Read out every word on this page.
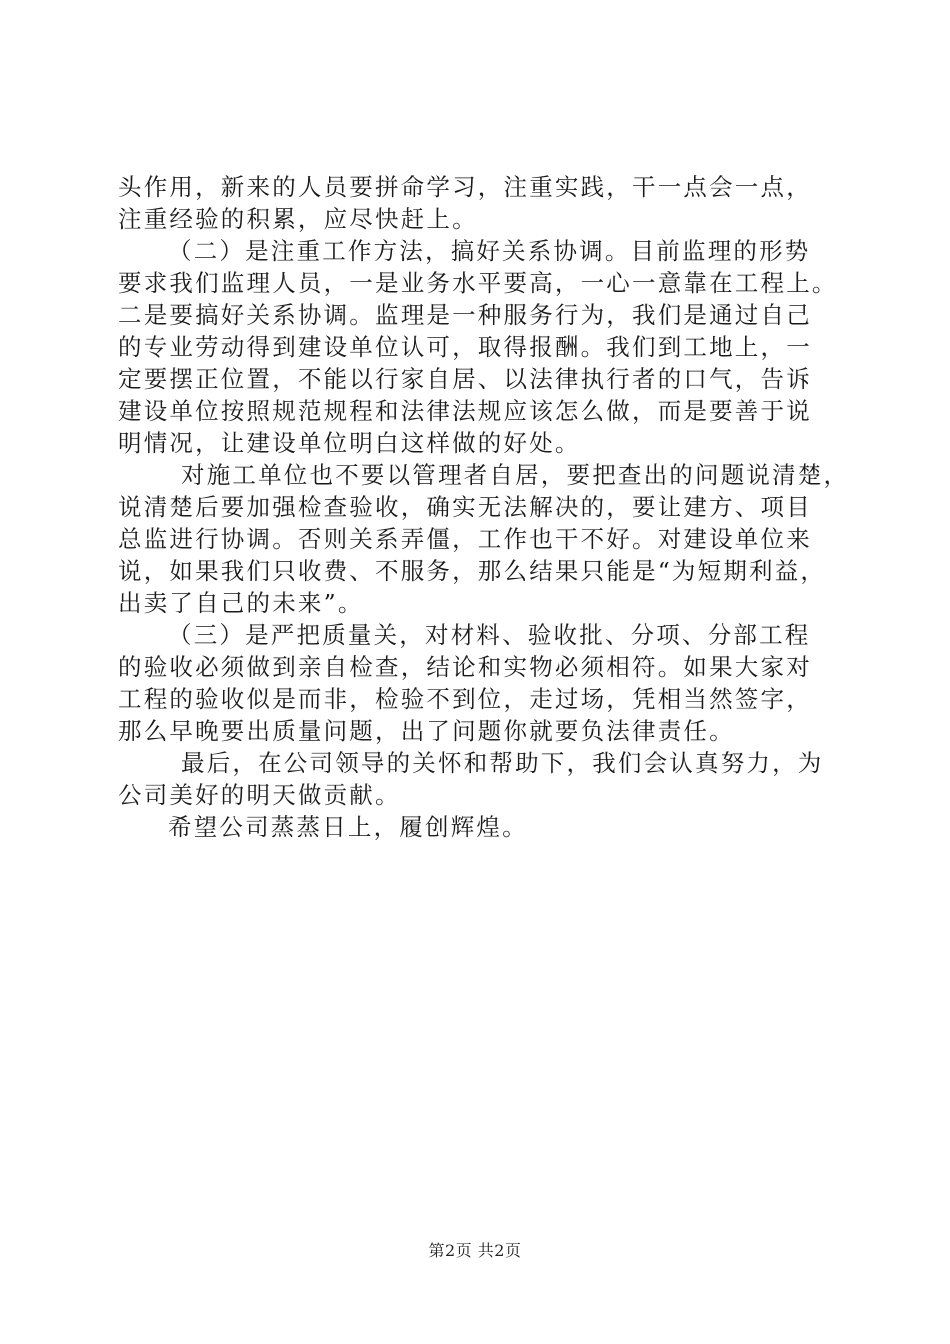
头作用，新来的人员要拼命学习，注重实践，干一点会一点，
注重经验的积累，应尽快赶上。
（二）是注重工作方法，搞好关系协调。目前监理的形势
要求我们监理人员，一是业务水平要高，一心一意靠在工程上。
二是要搞好关系协调。监理是一种服务行为，我们是通过自己
的专业劳动得到建设单位认可，取得报酬。我们到工地上，一
定要摆正位置，不能以行家自居、以法律执行者的口气，告诉
建设单位按照规范规程和法律法规应该怎么做，而是要善于说
明情况，让建设单位明白这样做的好处。
对施工单位也不要以管理者自居，要把查出的问题说清楚，
说清楚后要加强检查验收，确实无法解决的，要让建方、项目
总监进行协调。否则关系弄僵，工作也干不好。对建设单位来
说，如果我们只收费、不服务，那么结果只能是“为短期利益，
出卖了自己的未来”。
（三）是严把质量关，对材料、验收批、分项、分部工程
的验收必须做到亲自检查，结论和实物必须相符。如果大家对
工程的验收似是而非，检验不到位，走过场，凭相当然签字，
那么早晚要出质量问题，出了问题你就要负法律责任。
最后，在公司领导的关怀和帮助下，我们会认真努力，为
公司美好的明天做贡献。
希望公司蒸蒸日上，履创辉煌。
第2页 共2页
